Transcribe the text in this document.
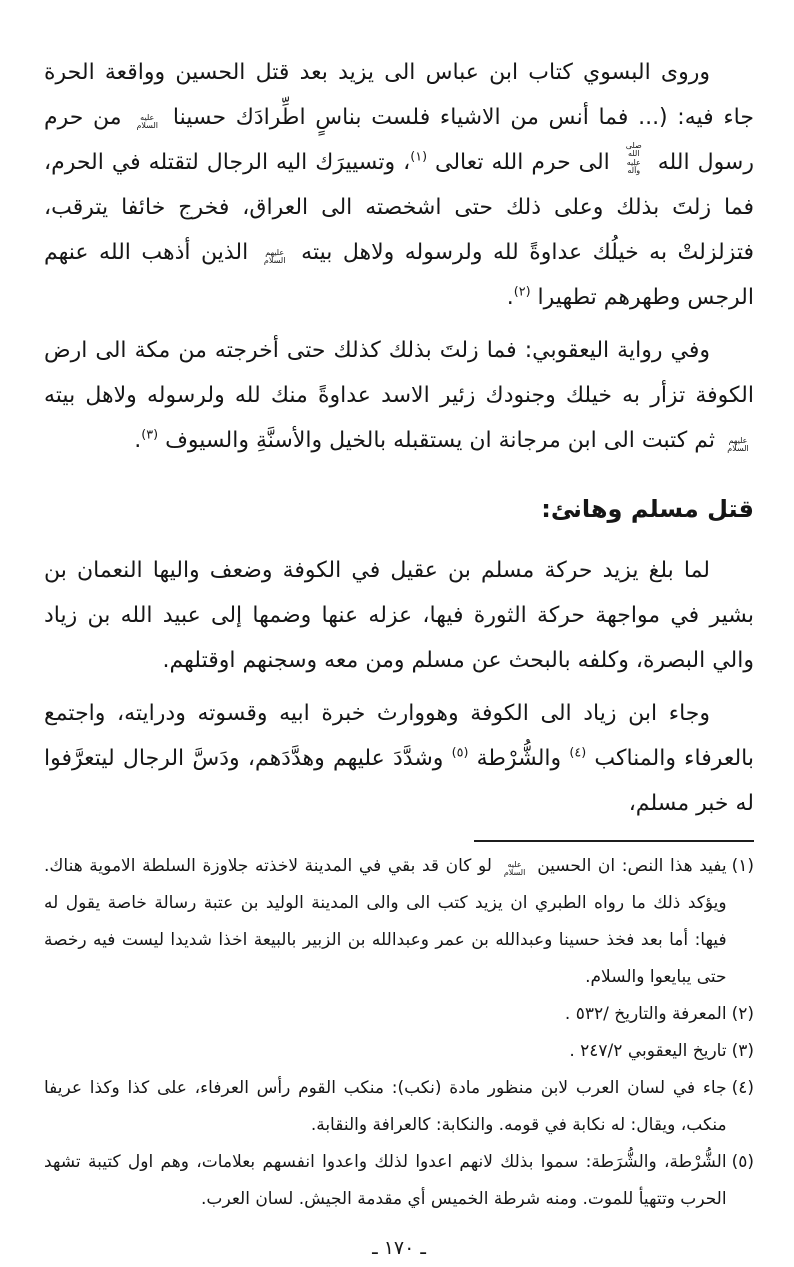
وروى البسوي كتاب ابن عباس الى يزيد بعد قتل الحسين وواقعة الحرة جاء فيه: (... فما أنس من الاشياء فلست بناسٍ اطِّرادَك حسينا عليه السلام من حرم رسول الله صلى الله عليه وآله الى حرم الله تعالى $^{(١)}$، وتسييرَك اليه الرجال لتقتله في الحرم، فما زلتَ بذلك وعلى ذلك حتى اشخصته الى العراق، فخرج خائفا يترقب، فتزلزلتْ به خيلُك عداوةً لله ولرسوله ولاهل بيته عليهم السلام الذين أذهب الله عنهم الرجس وطهرهم تطهيرا $^{(٢)}$.

وفي رواية اليعقوبي: فما زلتَ بذلك كذلك حتى أخرجته من مكة الى ارض الكوفة تزأر به خيلك وجنودك زئير الاسد عداوةً منك لله ولرسوله ولاهل بيته عليهم السلام ثم كتبت الى ابن مرجانة ان يستقبله بالخيل والأسنَّةِ والسيوف $^{(٣)}$.

قتل مسلم وهانئ:

لما بلغ يزيد حركة مسلم بن عقيل في الكوفة وضعف واليها النعمان بن بشير في مواجهة حركة الثورة فيها، عزله عنها وضمها إلى عبيد الله بن زياد والي البصرة، وكلفه بالبحث عن مسلم ومن معه وسجنهم اوقتلهم.

وجاء ابن زياد الى الكوفة وهووارث خبرة ابيه وقسوته ودرايته، واجتمع بالعرفاء والمناكب $^{(٤)}$ والشُّرْطة $^{(٥)}$ وشدَّدَ عليهم وهدَّدَهم، ودَسَّ الرجال ليتعرَّفوا له خبر مسلم،

(١)
يفيد هذا النص: ان الحسين عليه السلام لو كان قد بقي في المدينة لاخذته جلاوزة السلطة الاموية هناك. ويؤكد ذلك ما رواه الطبري ان يزيد كتب الى والى المدينة الوليد بن عتبة رسالة خاصة يقول له فيها: أما بعد فخذ حسينا وعبدالله بن عمر وعبدالله بن الزبير بالبيعة اخذا شديدا ليست فيه رخصة حتى يبايعوا والسلام.
(٢)
المعرفة والتاريخ /٥٣٢ .
(٣)
تاريخ اليعقوبي ٢٤٧/٢ .
(٤)
جاء في لسان العرب لابن منظور مادة (نكب): منكب القوم رأس العرفاء، على كذا وكذا عريفا منكب، ويقال: له نكابة في قومه. والنكابة: كالعرافة والنقابة.
(٥)
الشُّرْطة، والشُّرَطة: سموا بذلك لانهم اعدوا لذلك واعدوا انفسهم بعلامات، وهم اول كتيبة تشهد الحرب وتتهيأ للموت. ومنه شرطة الخميس أي مقدمة الجيش. لسان العرب.
ـ ١٧٠ ـ
